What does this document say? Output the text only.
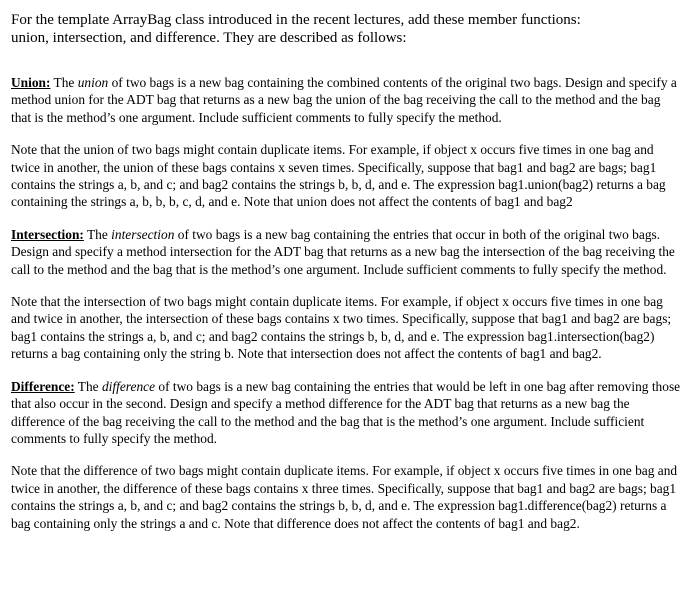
For the template ArrayBag class introduced in the recent lectures, add these member functions:
union, intersection, and difference. They are described as follows:

Union: The union of two bags is a new bag containing the combined contents of the original two bags. Design and specify a method union for the ADT bag that returns as a new bag the union of the bag receiving the call to the method and the bag that is the method’s one argument. Include sufficient comments to fully specify the method.

Note that the union of two bags might contain duplicate items. For example, if object x occurs five times in one bag and twice in another, the union of these bags contains x seven times. Specifically, suppose that bag1 and bag2 are bags; bag1 contains the strings a, b, and c; and bag2 contains the strings b, b, d, and e. The expression bag1.union(bag2) returns a bag containing the strings a, b, b, b, c, d, and e. Note that union does not affect the contents of bag1 and bag2

Intersection: The intersection of two bags is a new bag containing the entries that occur in both of the original two bags. Design and specify a method intersection for the ADT bag that returns as a new bag the intersection of the bag receiving the call to the method and the bag that is the method’s one argument. Include sufficient comments to fully specify the method.

Note that the intersection of two bags might contain duplicate items. For example, if object x occurs five times in one bag and twice in another, the intersection of these bags contains x two times. Specifically, suppose that bag1 and bag2 are bags; bag1 contains the strings a, b, and c; and bag2 contains the strings b, b, d, and e. The expression bag1.intersection(bag2) returns a bag containing only the string b. Note that intersection does not affect the contents of bag1 and bag2.

Difference: The difference of two bags is a new bag containing the entries that would be left in one bag after removing those that also occur in the second. Design and specify a method difference for the ADT bag that returns as a new bag the difference of the bag receiving the call to the method and the bag that is the method’s one argument. Include sufficient comments to fully specify the method.

Note that the difference of two bags might contain duplicate items. For example, if object x occurs five times in one bag and twice in another, the difference of these bags contains x three times. Specifically, suppose that bag1 and bag2 are bags; bag1 contains the strings a, b, and c; and bag2 contains the strings b, b, d, and e. The expression bag1.difference(bag2) returns a bag containing only the strings a and c. Note that difference does not affect the contents of bag1 and bag2.
